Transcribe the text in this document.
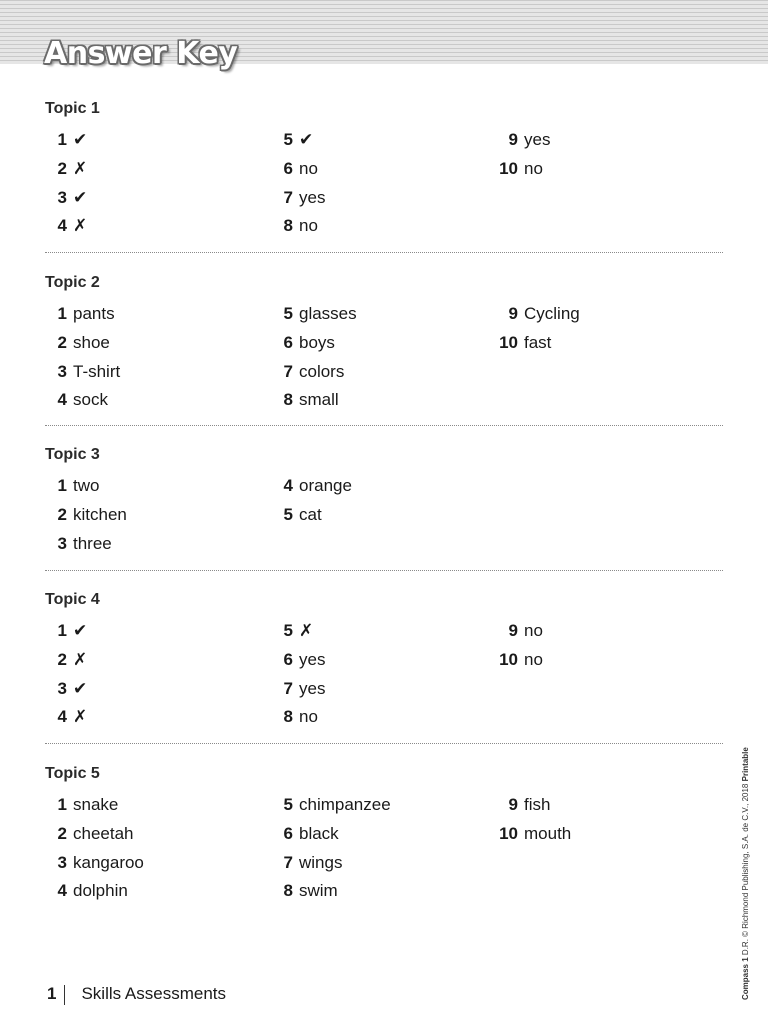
Answer Key
Topic 1
1 ✔
2 ✗
3 ✔
4 ✗
5 ✔
6 no
7 yes
8 no
9 yes
10 no
Topic 2
1 pants
2 shoe
3 T-shirt
4 sock
5 glasses
6 boys
7 colors
8 small
9 Cycling
10 fast
Topic 3
1 two
2 kitchen
3 three
4 orange
5 cat
Topic 4
1 ✔
2 ✗
3 ✔
4 ✗
5 ✗
6 yes
7 yes
8 no
9 no
10 no
Topic 5
1 snake
2 cheetah
3 kangaroo
4 dolphin
5 chimpanzee
6 black
7 wings
8 swim
9 fish
10 mouth
Compass 1 D.R. © Richmond Publishing, S.A. de C.V., 2018 Printable
1 Skills Assessments
